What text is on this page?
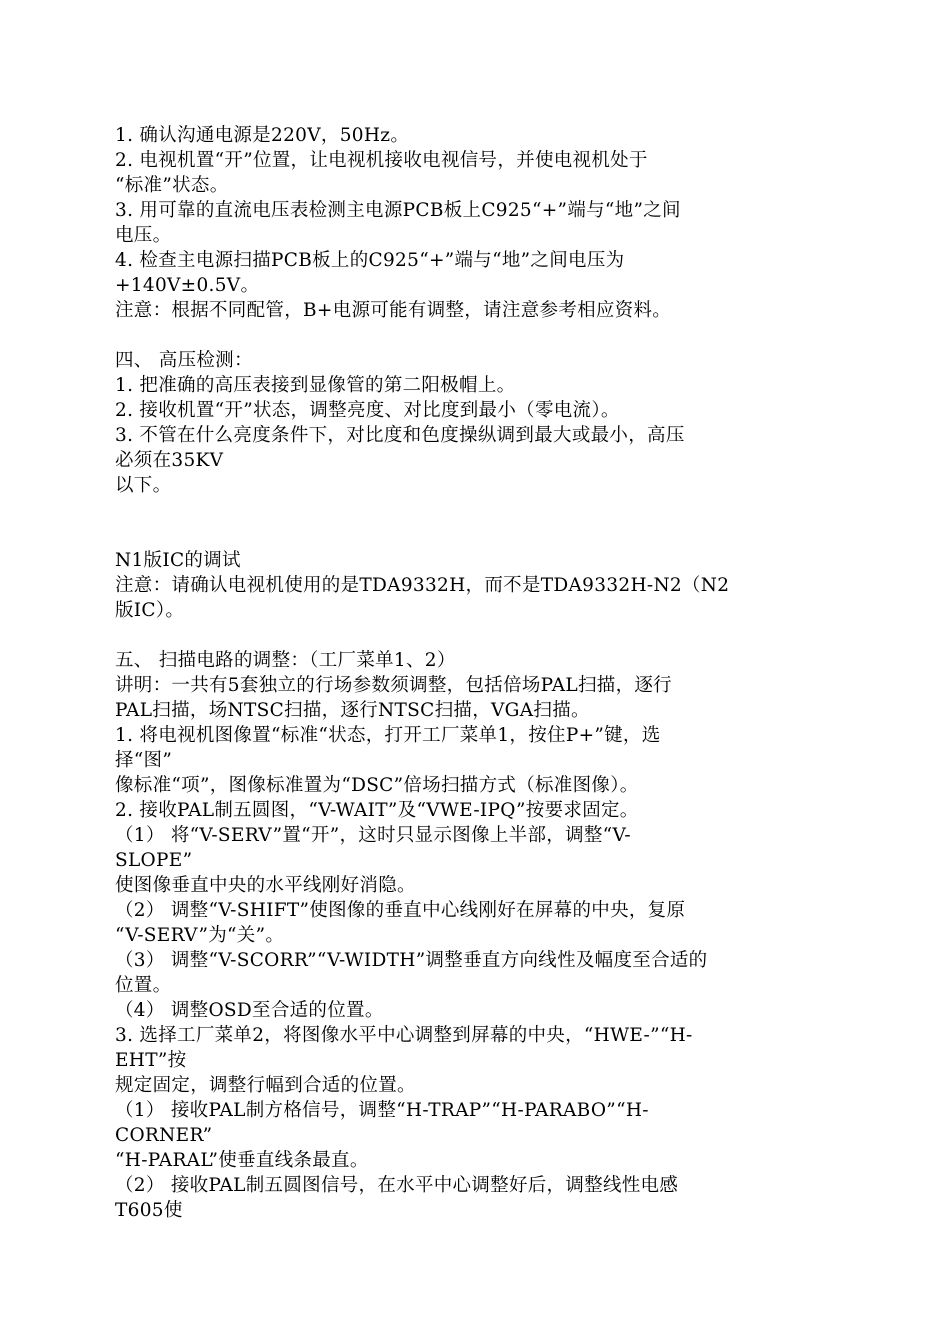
1. 确认沟通电源是220V，50Hz。
2. 电视机置“开”位置，让电视机接收电视信号，并使电视机处于
“标准”状态。
3. 用可靠的直流电压表检测主电源PCB板上C925“+”端与“地”之间
电压。
4. 检查主电源扫描PCB板上的C925“+”端与“地”之间电压为
+140V±0.5V。
注意：根据不同配管，B+电源可能有调整，请注意参考相应资料。
四、 高压检测：
1. 把准确的高压表接到显像管的第二阳极帽上。
2. 接收机置“开”状态，调整亮度、对比度到最小（零电流）。
3. 不管在什么亮度条件下，对比度和色度操纵调到最大或最小，高压
必须在35KV
以下。
N1版IC的调试
注意：请确认电视机使用的是TDA9332H，而不是TDA9332H-N2（N2
版IC）。
五、 扫描电路的调整：（工厂菜单1、2）
讲明：一共有5套独立的行场参数须调整，包括倍场PAL扫描，逐行
PAL扫描，场NTSC扫描，逐行NTSC扫描，VGA扫描。
1. 将电视机图像置“标准“状态，打开工厂菜单1，按住P+”键，选
择“图”
像标准“项”，图像标准置为“DSC”倍场扫描方式（标准图像）。
2. 接收PAL制五圆图，“V-WAIT”及“VWE-IPQ”按要求固定。
（1） 将“V-SERV”置“开”，这时只显示图像上半部，调整“V-
SLOPE”
使图像垂直中央的水平线刚好消隐。
（2） 调整“V-SHIFT”使图像的垂直中心线刚好在屏幕的中央，复原
“V-SERV”为“关”。
（3） 调整“V-SCORR”“V-WIDTH”调整垂直方向线性及幅度至合适的
位置。
（4） 调整OSD至合适的位置。
3. 选择工厂菜单2，将图像水平中心调整到屏幕的中央，“HWE-”“H-
EHT”按
规定固定，调整行幅到合适的位置。
（1） 接收PAL制方格信号，调整“H-TRAP”“H-PARABO”“H-
CORNER”
“H-PARAL”使垂直线条最直。
（2） 接收PAL制五圆图信号，在水平中心调整好后，调整线性电感
T605使
